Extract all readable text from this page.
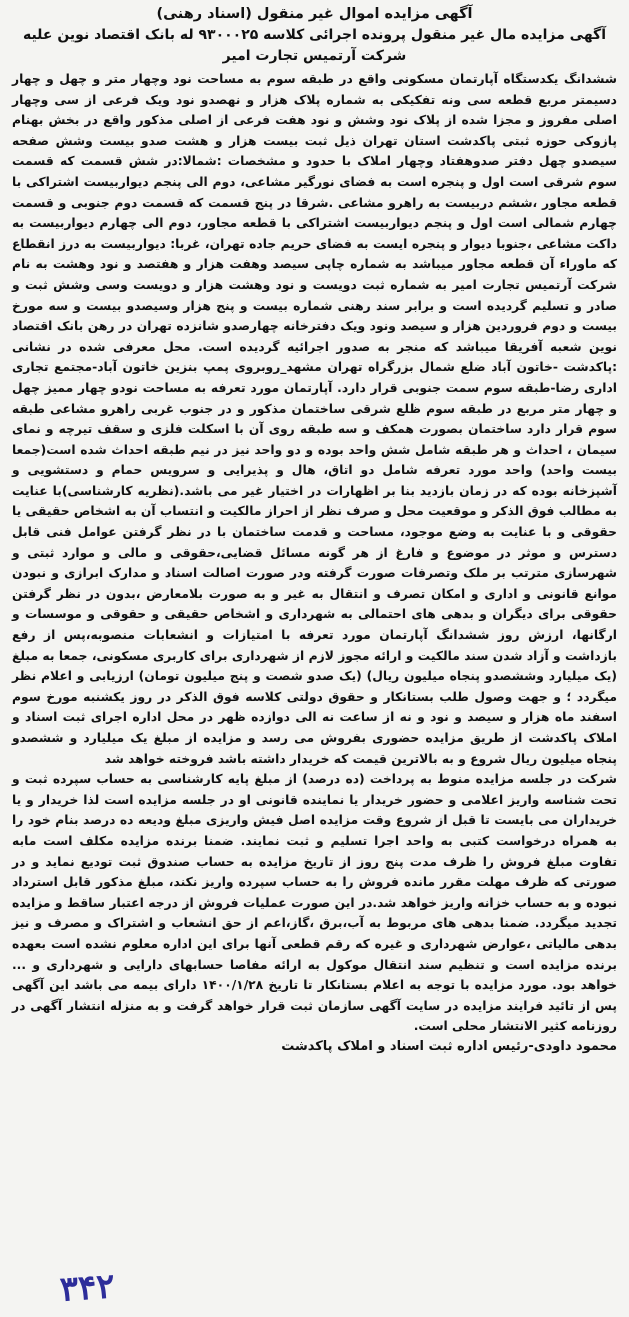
آگهی مزایده اموال غیر منقول (اسناد رهنی)

آگهی مزایده مال غیر منقول پرونده اجرائی کلاسه ۹۳۰۰۰۲۵ له بانک اقتصاد نوین علیه

شرکت آرتمیس تجارت امیر

ششدانگ یکدستگاه آپارتمان مسکونی واقع در طبقه سوم به مساحت نود وچهار متر و چهل و چهار دسیمتر مربع قطعه سی ونه تفکیکی به شماره پلاک هزار و نهصدو نود ویک فرعی از سی وچهار اصلی مفروز و مجزا شده از پلاک نود وشش و نود هفت فرعی از اصلی مذکور واقع در بخش بهنام پازوکی حوزه ثبتی پاکدشت استان تهران ذیل ثبت بیست هزار و هشت صدو بیست وشش صفحه سیصدو چهل دفتر صدوهفتاد وچهار املاک با حدود و مشخصات :شمالا:در شش قسمت که قسمت سوم شرقی است اول و پنجره است به فضای نورگیر مشاعی، دوم الی پنجم دیواربیست اشتراکی با قطعه مجاور ،ششم دربیست به راهرو مشاعی .شرقا در پنج قسمت که قسمت دوم جنوبی و قسمت چهارم شمالی است اول و پنجم دیواربیست اشتراکی با قطعه مجاور، دوم الی چهارم دیواربیست به داکت مشاعی ،جنوبا دیوار و پنجره ایست به فضای حریم جاده تهران، غربا: دیواربیست به درز انقطاع که ماوراء آن قطعه مجاور میباشد به شماره چاپی سیصد وهفت هزار و هفتصد و نود وهشت به نام شرکت آرتمیس تجارت امیر به شماره ثبت دویست و نود وهشت هزار و دویست وسی وشش ثبت و صادر و تسلیم گردیده است و برابر سند رهنی شماره بیست و پنج هزار وسیصدو بیست و سه مورخ بیست و دوم فروردین هزار و سیصد ونود ویک دفترخانه چهارصدو شانزده تهران در رهن بانک اقتصاد نوین شعبه آفریقا میباشد که منجر به صدور اجرائیه گردیده است. محل معرفی شده در نشانی :پاکدشت -خاتون آباد ضلع شمال بزرگراه تهران مشهد_روبروی پمپ بنزین خاتون آباد-مجتمع تجاری اداری رضا-طبقه سوم سمت جنوبی قرار دارد. آپارتمان مورد تعرفه به مساحت نودو چهار ممیز چهل و چهار متر مربع در طبقه سوم ظلع شرقی ساختمان مذکور و در جنوب غربی راهرو مشاعی طبقه سوم قرار دارد ساختمان بصورت همکف و سه طبقه روی آن با اسکلت فلزی و سقف تیرچه و نمای سیمان ، احداث و هر طبقه شامل شش واحد بوده و دو واحد نیز در نیم طبقه احداث شده است(جمعا بیست واحد) واحد مورد تعرفه شامل دو اتاق، هال و پذیرایی و سرویس حمام و دستشویی و آشپزخانه بوده که در زمان بازدید بنا بر اظهارات در اختیار غیر می باشد.(نظریه کارشناسی)با عنایت به مطالب فوق الذکر و موقعیت محل و صرف نظر از احراز مالکیت و انتساب آن به اشخاص حقیقی یا حقوقی و با عنایت به وضع موجود، مساحت و قدمت ساختمان با در نظر گرفتن عوامل فنی قابل دسترس و موثر در موضوع و فارغ از هر گونه مسائل قضایی،حقوقی و مالی و موارد ثبتی و شهرسازی مترتب بر ملک وتصرفات صورت گرفته ودر صورت اصالت اسناد و مدارک ابرازی و نبودن موانع قانونی و اداری و امکان تصرف و انتقال به غیر و به صورت بلامعارض ،بدون در نظر گرفتن حقوقی برای دیگران و بدهی های احتمالی به شهرداری و اشخاص حقیقی و حقوقی و موسسات و ارگانها، ارزش روز ششدانگ آپارتمان مورد تعرفه با امتیازات و انشعابات منصوبه،پس از رفع بازداشت و آزاد شدن سند مالکیت و ارائه مجوز لازم از شهرداری برای کاربری مسکونی، جمعا به مبلغ (یک میلیارد وششصدو پنجاه میلیون ریال) (یک صدو شصت و پنج میلیون تومان) ارزیابی و اعلام نظر میگردد ؛ و جهت وصول طلب بستانکار و حقوق دولتی کلاسه فوق الذکر در روز یکشنبه مورخ سوم اسفند ماه هزار و سیصد و نود و نه از ساعت نه الی دوازده ظهر در محل اداره اجرای ثبت اسناد و املاک پاکدشت از طریق مزایده حضوری بفروش می رسد و مزایده از مبلغ یک میلیارد و ششصدو پنجاه میلیون ریال شروع و به بالاترین قیمت که خریدار داشته باشد فروخته خواهد شد

شرکت در جلسه مزایده منوط به پرداخت (ده درصد) از مبلغ پایه کارشناسی به حساب سپرده ثبت و تحت شناسه واریز اعلامی و حضور خریدار یا نماینده قانونی او در جلسه مزایده است لذا خریدار و یا خریداران می بایست تا قبل از شروع وقت مزایده اصل فیش واریزی مبلغ ودیعه ده درصد بنام خود را به همراه درخواست کتبی به واحد اجرا تسلیم و ثبت نمایند. ضمنا برنده مزایده مکلف است مابه تفاوت مبلغ فروش را ظرف مدت پنج روز از تاریخ مزایده به حساب صندوق ثبت تودیع نماید و در صورتی که ظرف مهلت مقرر مانده فروش را به حساب سپرده واریز نکند، مبلغ مذکور قابل استرداد نبوده و به حساب خزانه واریز خواهد شد.در این صورت عملیات فروش از درجه اعتبار ساقط و مزایده تجدید میگردد. ضمنا بدهی های مربوط به آب،برق ،گاز،اعم از حق انشعاب و اشتراک و مصرف و نیز بدهی مالیاتی ،عوارض شهرداری و غیره که رقم قطعی آنها برای این اداره معلوم نشده است بعهده برنده مزایده است و تنظیم سند انتقال موکول به ارائه مفاصا حسابهای دارایی و شهرداری و ... خواهد بود. مورد مزایده با توجه به اعلام بستانکار تا تاریخ ۱۴۰۰/۱/۲۸ دارای بیمه می باشد این آگهی پس از تائید فرایند مزایده در سایت آگهی سازمان ثبت قرار خواهد گرفت و به منزله انتشار آگهی در روزنامه کثیر الانتشار محلی است.

محمود داودی-رئیس اداره ثبت اسناد و املاک پاکدشت
۳۴۲
